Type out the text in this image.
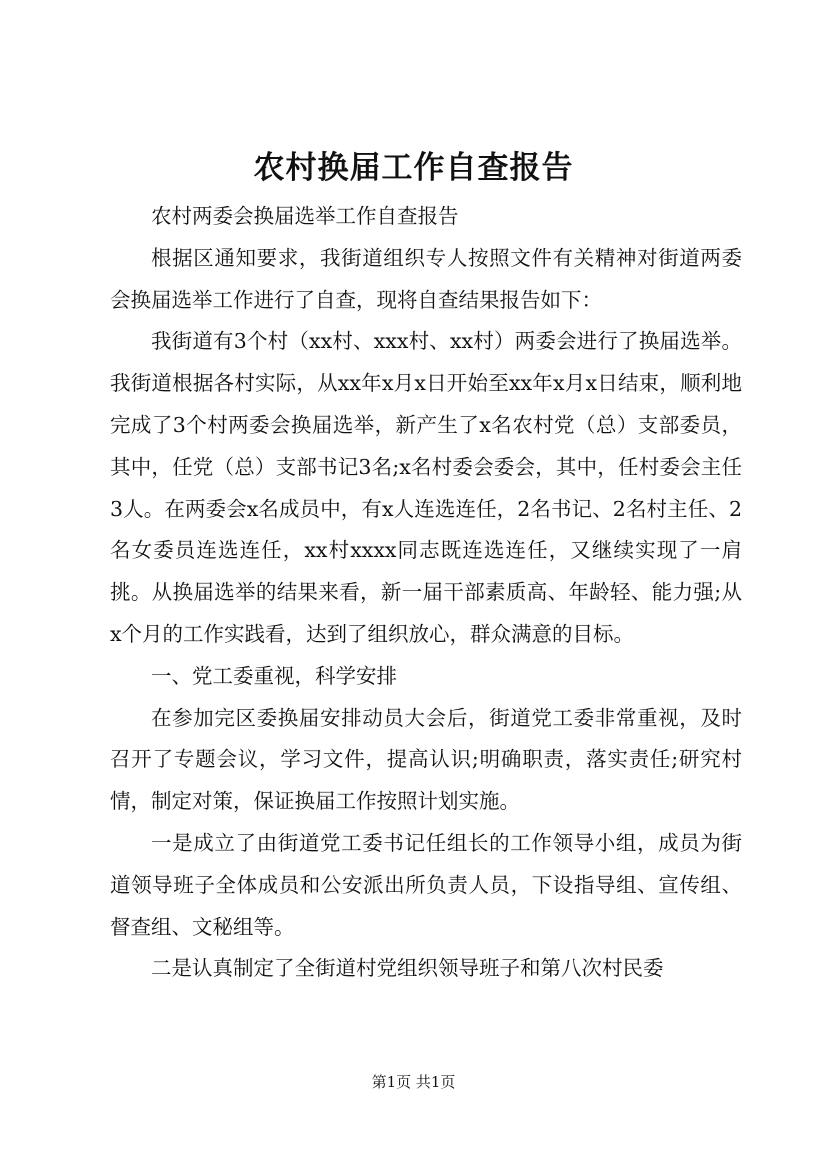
农村换届工作自查报告

农村两委会换届选举工作自查报告

根据区通知要求，我街道组织专人按照文件有关精神对街道两委会换届选举工作进行了自查，现将自查结果报告如下：

我街道有3个村（xx村、xxx村、xx村）两委会进行了换届选举。我街道根据各村实际，从xx年x月x日开始至xx年x月x日结束，顺利地完成了3个村两委会换届选举，新产生了x名农村党（总）支部委员，其中，任党（总）支部书记3名;x名村委会委会，其中，任村委会主任3人。在两委会x名成员中，有x人连选连任，2名书记、2名村主任、2名女委员连选连任，xx村xxxx同志既连选连任，又继续实现了一肩挑。从换届选举的结果来看，新一届干部素质高、年龄轻、能力强;从x个月的工作实践看，达到了组织放心，群众满意的目标。

一、党工委重视，科学安排

在参加完区委换届安排动员大会后，街道党工委非常重视，及时召开了专题会议，学习文件，提高认识;明确职责，落实责任;研究村情，制定对策，保证换届工作按照计划实施。

一是成立了由街道党工委书记任组长的工作领导小组，成员为街道领导班子全体成员和公安派出所负责人员，下设指导组、宣传组、督查组、文秘组等。

二是认真制定了全街道村党组织领导班子和第八次村民委

第1页 共1页
